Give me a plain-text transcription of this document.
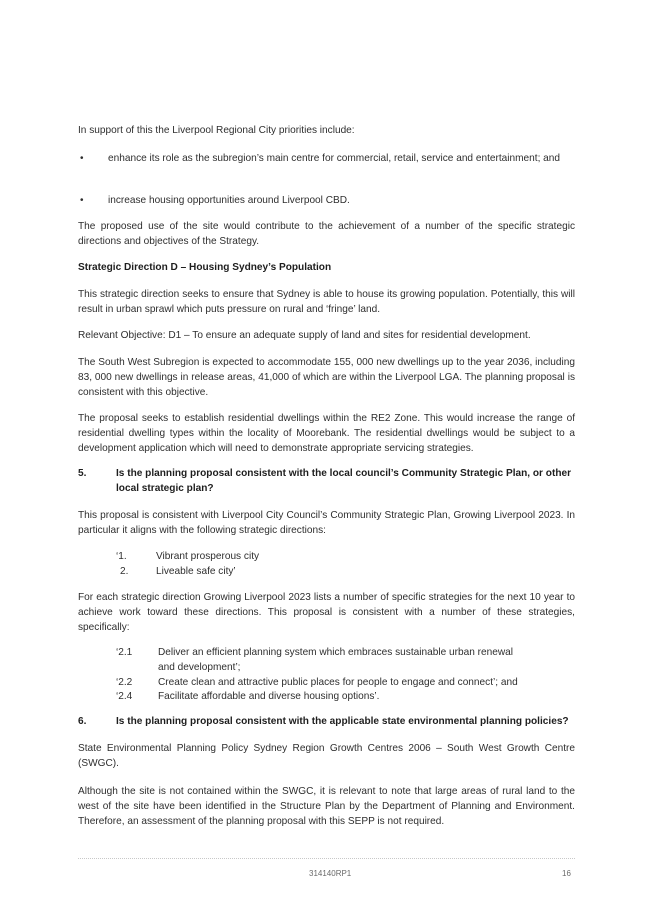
In support of this the Liverpool Regional City priorities include:

• enhance its role as the subregion’s main centre for commercial, retail, service and entertainment; and
• increase housing opportunities around Liverpool CBD.

The proposed use of the site would contribute to the achievement of a number of the specific strategic directions and objectives of the Strategy.

Strategic Direction D – Housing Sydney’s Population

This strategic direction seeks to ensure that Sydney is able to house its growing population. Potentially, this will result in urban sprawl which puts pressure on rural and ‘fringe’ land.

Relevant Objective: D1 – To ensure an adequate supply of land and sites for residential development.

The South West Subregion is expected to accommodate 155, 000 new dwellings up to the year 2036, including 83, 000 new dwellings in release areas, 41,000 of which are within the Liverpool LGA. The planning proposal is consistent with this objective.

The proposal seeks to establish residential dwellings within the RE2 Zone. This would increase the range of residential dwelling types within the locality of Moorebank. The residential dwellings would be subject to a development application which will need to demonstrate appropriate servicing strategies.

5.	Is the planning proposal consistent with the local council’s Community Strategic Plan, or other local strategic plan?

This proposal is consistent with Liverpool City Council’s Community Strategic Plan, Growing Liverpool 2023. In particular it aligns with the following strategic directions:

‘1.	Vibrant prosperous city
2.	Liveable safe city’

For each strategic direction Growing Liverpool 2023 lists a number of specific strategies for the next 10 year to achieve work toward these directions. This proposal is consistent with a number of these strategies, specifically:

‘2.1	Deliver an efficient planning system which embraces sustainable urban renewal
and development’;
‘2.2	Create clean and attractive public places for people to engage and connect’; and
‘2.4	Facilitate affordable and diverse housing options’.
6.	Is the planning proposal consistent with the applicable state environmental planning policies?

State Environmental Planning Policy Sydney Region Growth Centres 2006 – South West Growth Centre (SWGC).

Although the site is not contained within the SWGC, it is relevant to note that large areas of rural land to the west of the site have been identified in the Structure Plan by the Department of Planning and Environment. Therefore, an assessment of the planning proposal with this SEPP is not required.

314140RP1	16
